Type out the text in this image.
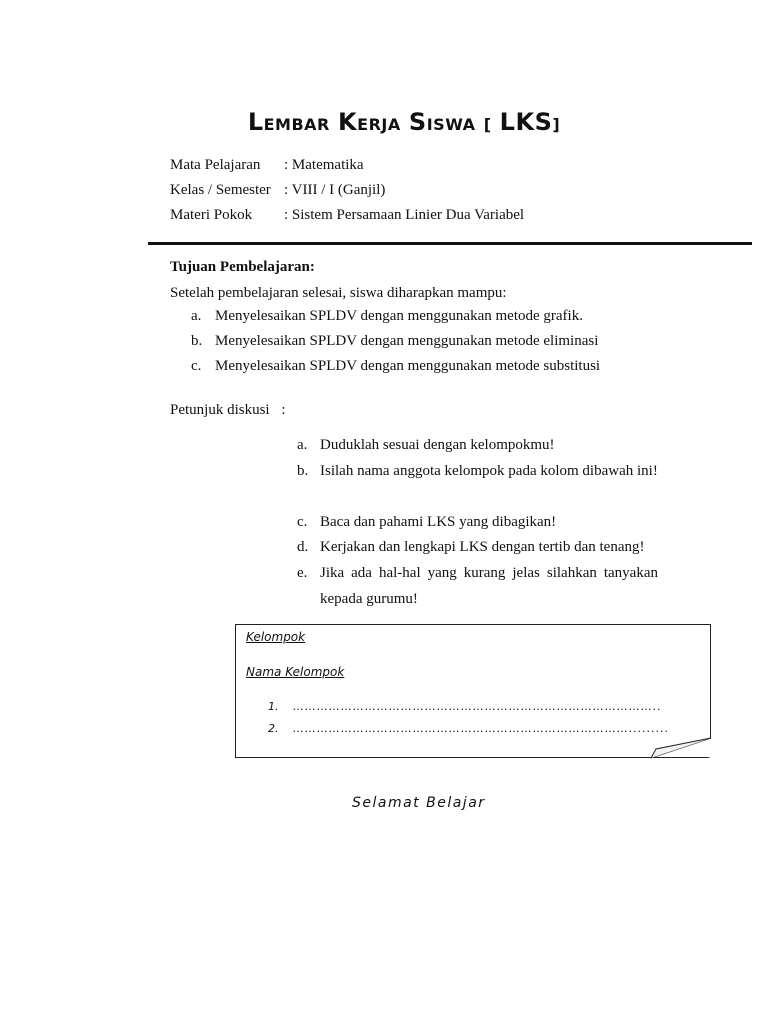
LEMBAR KERJA SISWA [ LKS]
Mata Pelajaran : Matematika
Kelas / Semester : VIII / I (Ganjil)
Materi Pokok : Sistem Persamaan Linier Dua Variabel
Tujuan Pembelajaran:
Setelah pembelajaran selesai, siswa diharapkan mampu:
a. Menyelesaikan SPLDV dengan menggunakan metode grafik.
b. Menyelesaikan SPLDV dengan menggunakan metode eliminasi
c. Menyelesaikan SPLDV dengan menggunakan metode substitusi
Petunjuk diskusi :
a. Duduklah sesuai dengan kelompokmu!
b. Isilah nama anggota kelompok pada kolom dibawah ini!
c. Baca dan pahami LKS yang dibagikan!
d. Kerjakan dan lengkapi LKS dengan tertib dan tenang!
e. Jika ada hal-hal yang kurang jelas silahkan tanyakan kepada gurumu!
Kelompok
Nama Kelompok
1. ………………………………………………………………………………..
2. ………………………………………………………………………….........
Selamat Belajar
